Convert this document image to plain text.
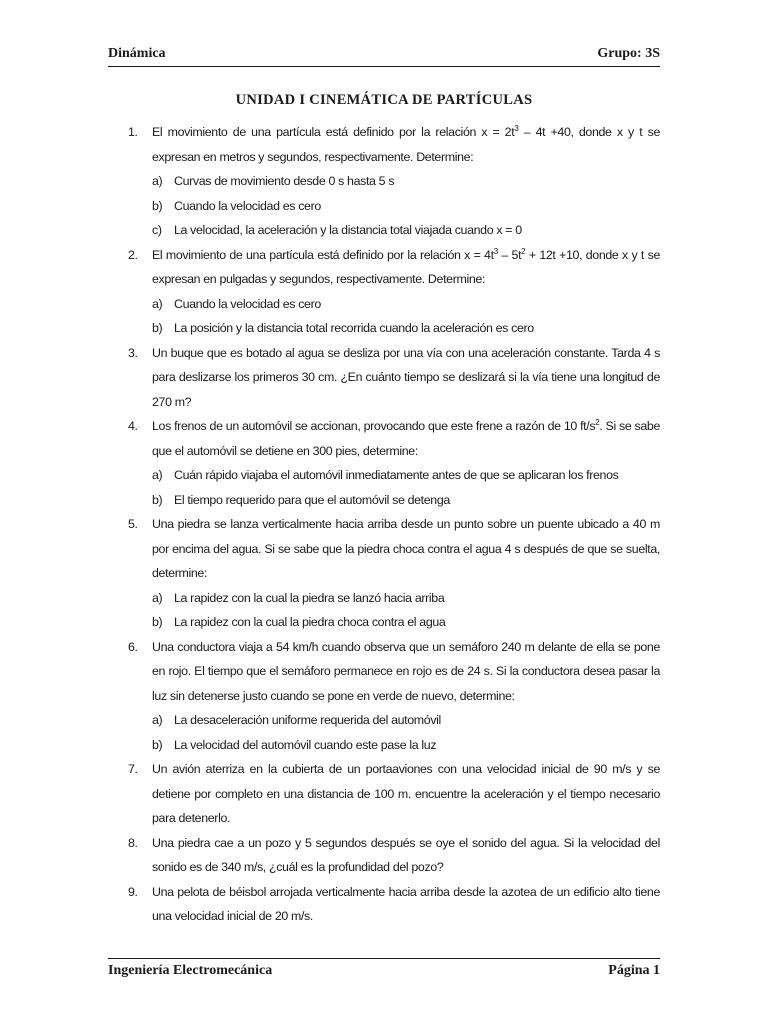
Dinámica	Grupo: 3S
UNIDAD I CINEMÁTICA DE PARTÍCULAS
1. El movimiento de una partícula está definido por la relación $x = 2t^3 - 4t +40$, donde x y t se expresan en metros y segundos, respectivamente. Determine:
a) Curvas de movimiento desde 0 s hasta 5 s
b) Cuando la velocidad es cero
c) La velocidad, la aceleración y la distancia total viajada cuando x = 0
2. El movimiento de una partícula está definido por la relación $x = 4t^3 - 5t^2 + 12t +10$, donde x y t se expresan en pulgadas y segundos, respectivamente. Determine:
a) Cuando la velocidad es cero
b) La posición y la distancia total recorrida cuando la aceleración es cero
3. Un buque que es botado al agua se desliza por una vía con una aceleración constante. Tarda 4 s para deslizarse los primeros 30 cm. ¿En cuánto tiempo se deslizará si la vía tiene una longitud de 270 m?
4. Los frenos de un automóvil se accionan, provocando que este frene a razón de 10 $ft/s^2$. Si se sabe que el automóvil se detiene en 300 pies, determine:
a) Cuán rápido viajaba el automóvil inmediatamente antes de que se aplicaran los frenos
b) El tiempo requerido para que el automóvil se detenga
5. Una piedra se lanza verticalmente hacia arriba desde un punto sobre un puente ubicado a 40 m por encima del agua. Si se sabe que la piedra choca contra el agua 4 s después de que se suelta, determine:
a) La rapidez con la cual la piedra se lanzó hacia arriba
b) La rapidez con la cual la piedra choca contra el agua
6. Una conductora viaja a 54 km/h cuando observa que un semáforo 240 m delante de ella se pone en rojo. El tiempo que el semáforo permanece en rojo es de 24 s. Si la conductora desea pasar la luz sin detenerse justo cuando se pone en verde de nuevo, determine:
a) La desaceleración uniforme requerida del automóvil
b) La velocidad del automóvil cuando este pase la luz
7. Un avión aterriza en la cubierta de un portaaviones con una velocidad inicial de 90 m/s y se detiene por completo en una distancia de 100 m. encuentre la aceleración y el tiempo necesario para detenerlo.
8. Una piedra cae a un pozo y 5 segundos después se oye el sonido del agua. Si la velocidad del sonido es de 340 m/s, ¿cuál es la profundidad del pozo?
9. Una pelota de béisbol arrojada verticalmente hacia arriba desde la azotea de un edificio alto tiene una velocidad inicial de 20 m/s.
Ingeniería Electromecánica	Página 1
